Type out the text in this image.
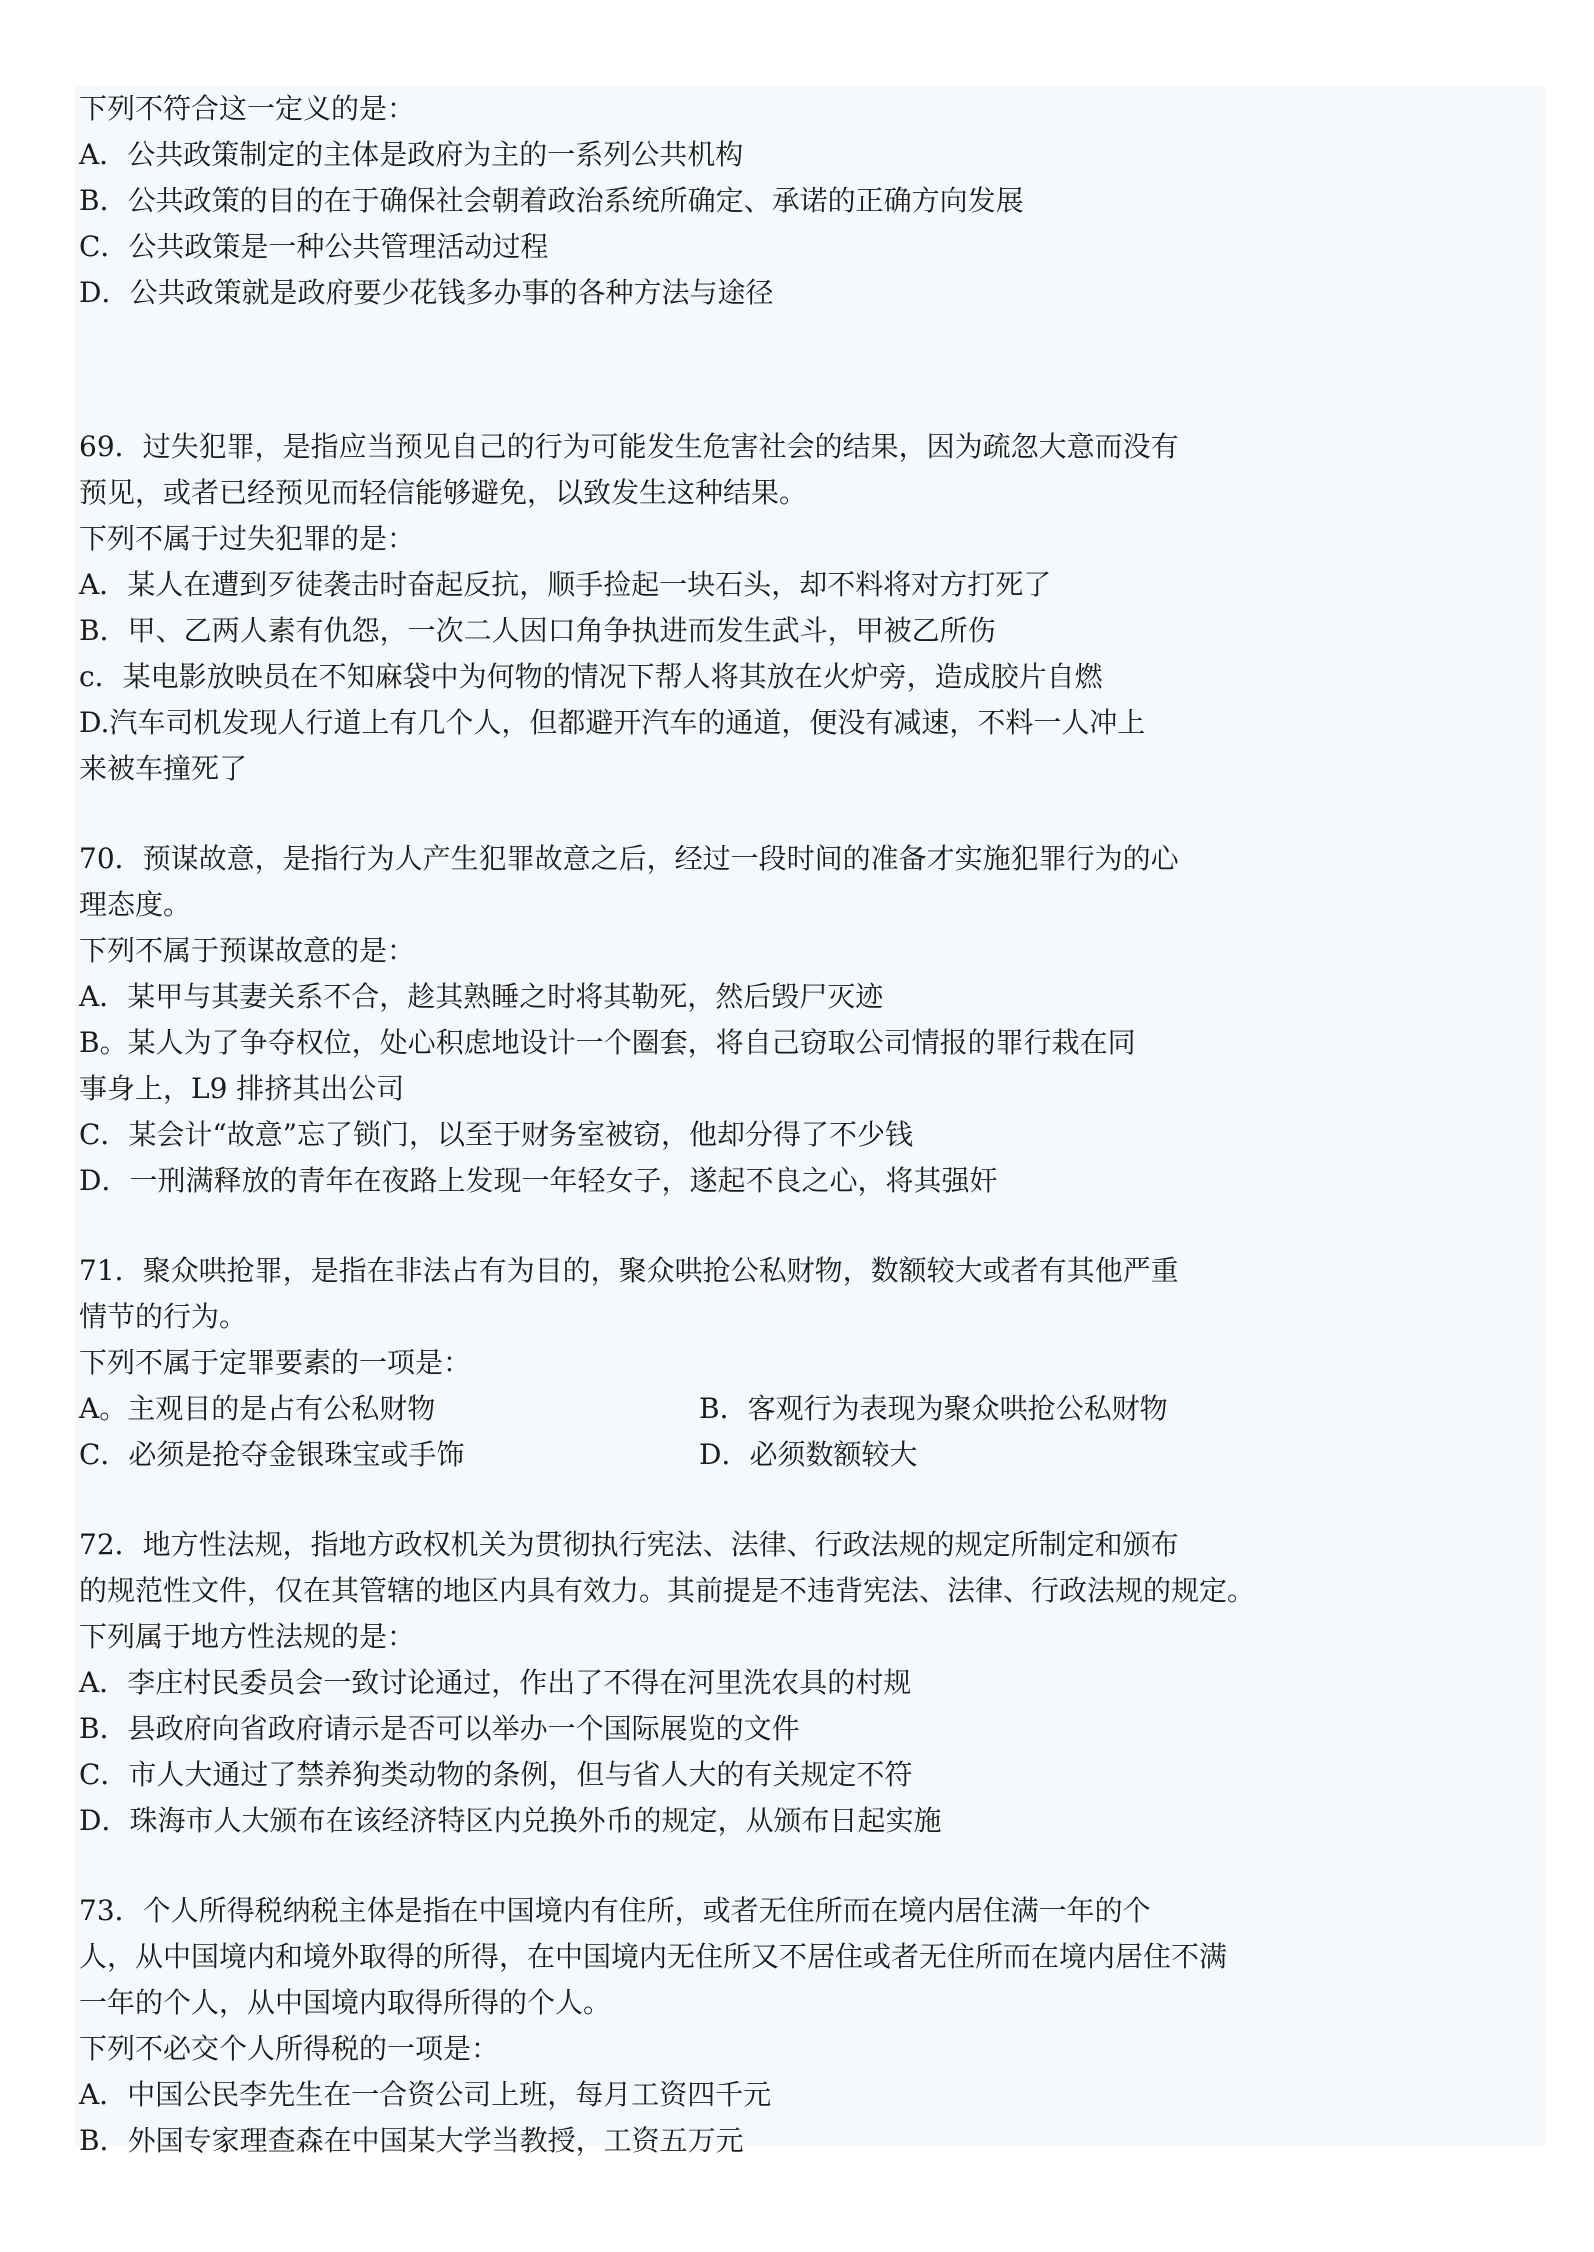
下列不符合这一定义的是：
A．公共政策制定的主体是政府为主的一系列公共机构
B．公共政策的目的在于确保社会朝着政治系统所确定、承诺的正确方向发展
C．公共政策是一种公共管理活动过程
D．公共政策就是政府要少花钱多办事的各种方法与途径
69．过失犯罪，是指应当预见自己的行为可能发生危害社会的结果，因为疏忽大意而没有
预见，或者已经预见而轻信能够避免，以致发生这种结果。
下列不属于过失犯罪的是：
A．某人在遭到歹徒袭击时奋起反抗，顺手捡起一块石头，却不料将对方打死了
B．甲、乙两人素有仇怨，一次二人因口角争执进而发生武斗，甲被乙所伤
c．某电影放映员在不知麻袋中为何物的情况下帮人将其放在火炉旁，造成胶片自燃
D.汽车司机发现人行道上有几个人，但都避开汽车的通道，便没有减速，不料一人冲上
来被车撞死了
70．预谋故意，是指行为人产生犯罪故意之后，经过一段时间的准备才实施犯罪行为的心
理态度。
下列不属于预谋故意的是：
A．某甲与其妻关系不合，趁其熟睡之时将其勒死，然后毁尸灭迹
B。某人为了争夺权位，处心积虑地设计一个圈套，将自己窃取公司情报的罪行栽在同
事身上，L9 排挤其出公司
C．某会计“故意”忘了锁门，以至于财务室被窃，他却分得了不少钱
D．一刑满释放的青年在夜路上发现一年轻女子，遂起不良之心，将其强奸
71．聚众哄抢罪，是指在非法占有为目的，聚众哄抢公私财物，数额较大或者有其他严重
情节的行为。
下列不属于定罪要素的一项是：
A。主观目的是占有公私财物	B．客观行为表现为聚众哄抢公私财物
C．必须是抢夺金银珠宝或手饰	D．必须数额较大
72．地方性法规，指地方政权机关为贯彻执行宪法、法律、行政法规的规定所制定和颁布
的规范性文件，仅在其管辖的地区内具有效力。其前提是不违背宪法、法律、行政法规的规定。
下列属于地方性法规的是：
A．李庄村民委员会一致讨论通过，作出了不得在河里洗农具的村规
B．县政府向省政府请示是否可以举办一个国际展览的文件
C．市人大通过了禁养狗类动物的条例，但与省人大的有关规定不符
D．珠海市人大颁布在该经济特区内兑换外币的规定，从颁布日起实施
73．个人所得税纳税主体是指在中国境内有住所，或者无住所而在境内居住满一年的个
人，从中国境内和境外取得的所得，在中国境内无住所又不居住或者无住所而在境内居住不满
一年的个人，从中国境内取得所得的个人。
下列不必交个人所得税的一项是：
A．中国公民李先生在一合资公司上班，每月工资四千元
B．外国专家理查森在中国某大学当教授，工资五万元
